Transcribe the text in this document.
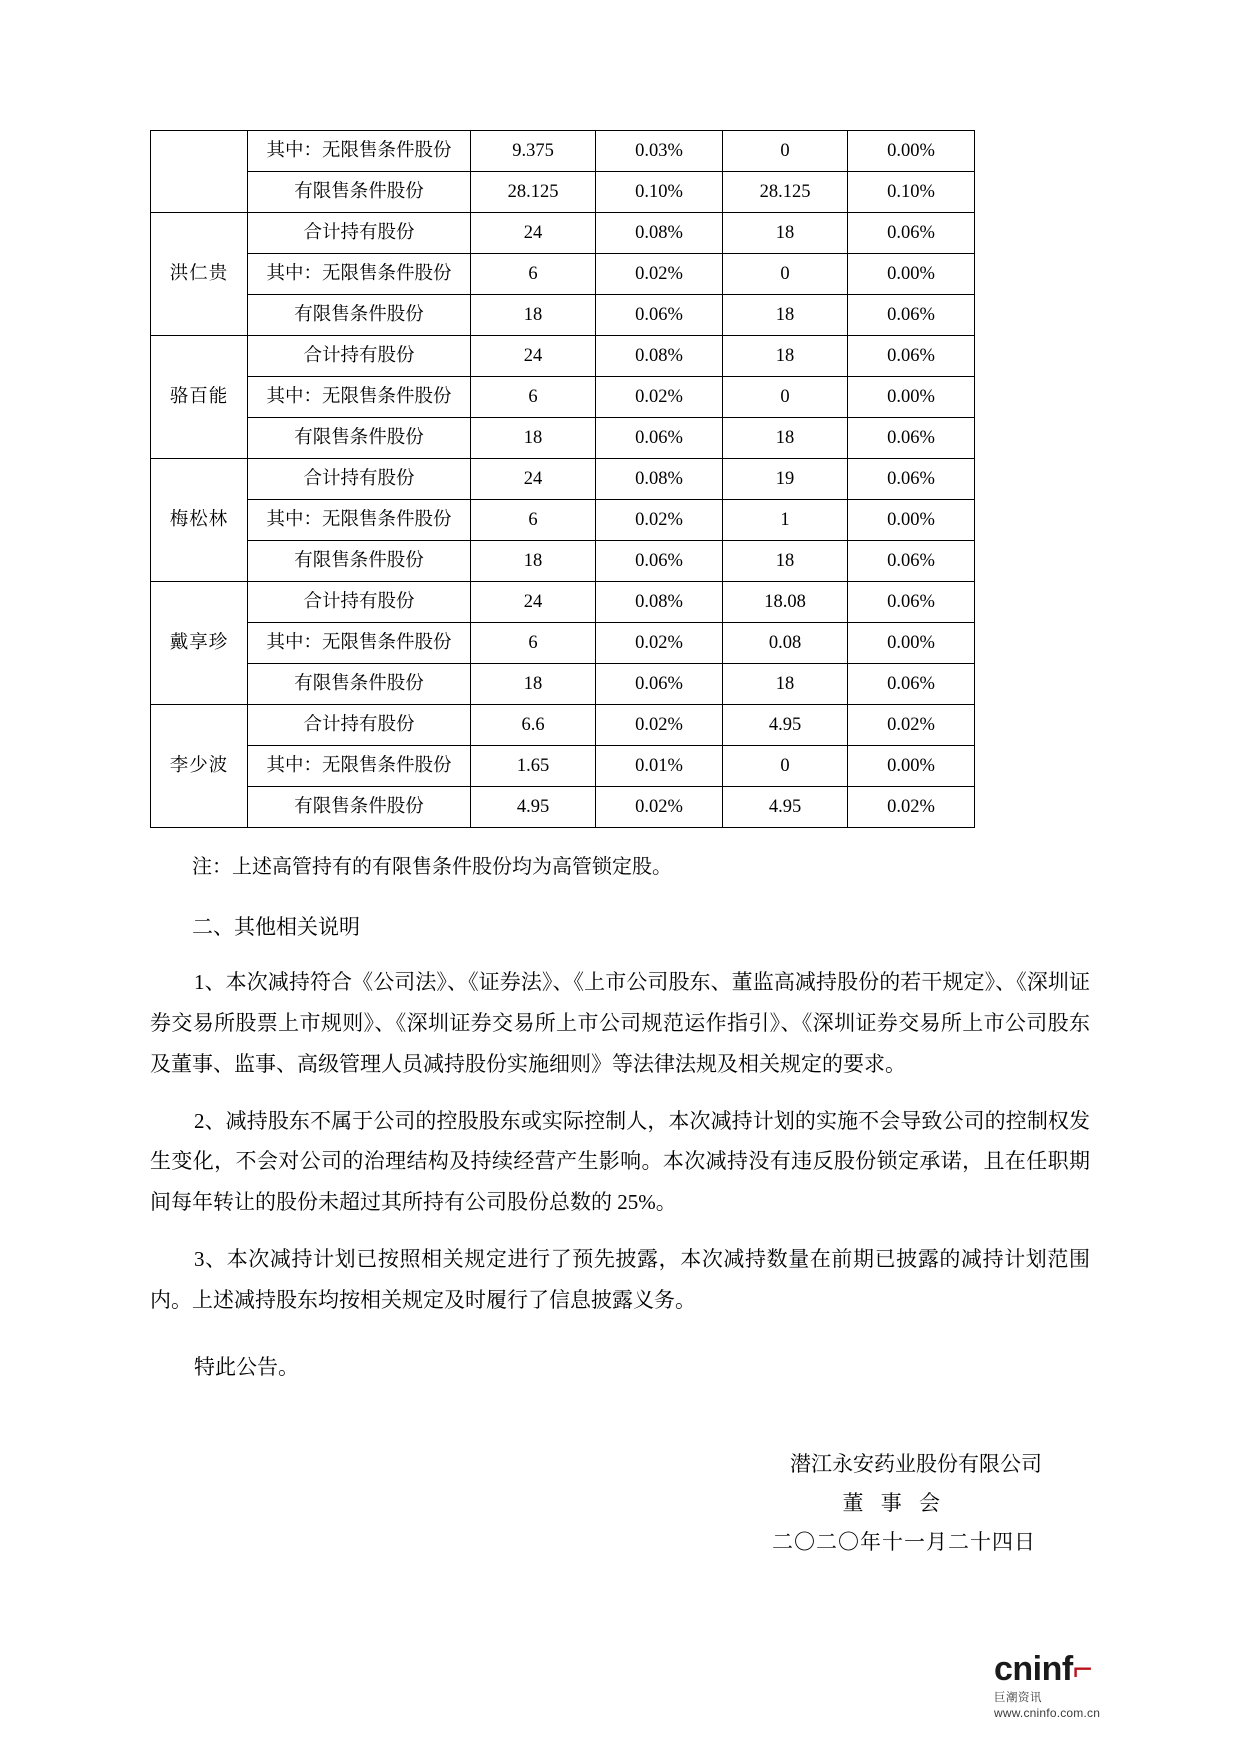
	其中：无限售条件股份	9.375	0.03%	0	0.00%
	有限售条件股份	28.125	0.10%	28.125	0.10%
洪仁贵	合计持有股份	24	0.08%	18	0.06%
	其中：无限售条件股份	6	0.02%	0	0.00%
	有限售条件股份	18	0.06%	18	0.06%
骆百能	合计持有股份	24	0.08%	18	0.06%
	其中：无限售条件股份	6	0.02%	0	0.00%
	有限售条件股份	18	0.06%	18	0.06%
梅松林	合计持有股份	24	0.08%	19	0.06%
	其中：无限售条件股份	6	0.02%	1	0.00%
	有限售条件股份	18	0.06%	18	0.06%
戴享珍	合计持有股份	24	0.08%	18.08	0.06%
	其中：无限售条件股份	6	0.02%	0.08	0.00%
	有限售条件股份	18	0.06%	18	0.06%
李少波	合计持有股份	6.6	0.02%	4.95	0.02%
	其中：无限售条件股份	1.65	0.01%	0	0.00%
	有限售条件股份	4.95	0.02%	4.95	0.02%

注：上述高管持有的有限售条件股份均为高管锁定股。

二、其他相关说明

1、本次减持符合《公司法》、《证券法》、《上市公司股东、董监高减持股份的若干规定》、《深圳证券交易所股票上市规则》、《深圳证券交易所上市公司规范运作指引》、《深圳证券交易所上市公司股东及董事、监事、高级管理人员减持股份实施细则》等法律法规及相关规定的要求。

2、减持股东不属于公司的控股股东或实际控制人，本次减持计划的实施不会导致公司的控制权发生变化，不会对公司的治理结构及持续经营产生影响。本次减持没有违反股份锁定承诺，且在任职期间每年转让的股份未超过其所持有公司股份总数的 25%。

3、本次减持计划已按照相关规定进行了预先披露，本次减持数量在前期已披露的减持计划范围内。上述减持股东均按相关规定及时履行了信息披露义务。

特此公告。

潜江永安药业股份有限公司
董 事 会
二〇二〇年十一月二十四日
cninf⌐
巨潮资讯
www.cninfo.com.cn
